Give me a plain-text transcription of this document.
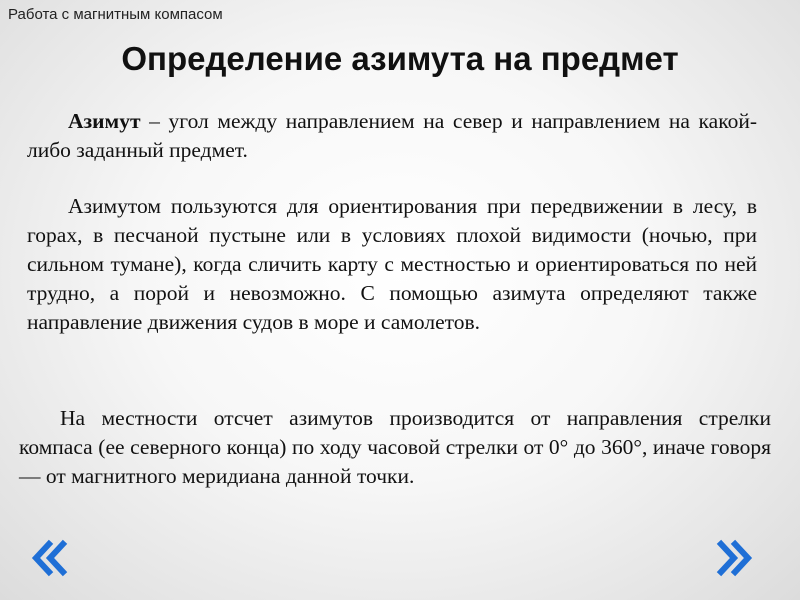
Работа с магнитным компасом
Определение азимута на предмет

Азимут – угол между направлением на север и направлением на какой-либо заданный предмет.

Азимутом пользуются для ориентирования при передвижении в лесу, в горах, в песчаной пустыне или в условиях плохой видимости (ночью, при сильном тумане), когда сличить карту с местностью и ориентироваться по ней трудно, а порой и невозможно. С помощью азимута определяют также направление движения судов в море и самолетов.

На местности отсчет азимутов производится от направления стрелки компаса (ее северного конца) по ходу часовой стрелки от 0° до 360°, иначе говоря — от магнитного меридиана данной точки.
